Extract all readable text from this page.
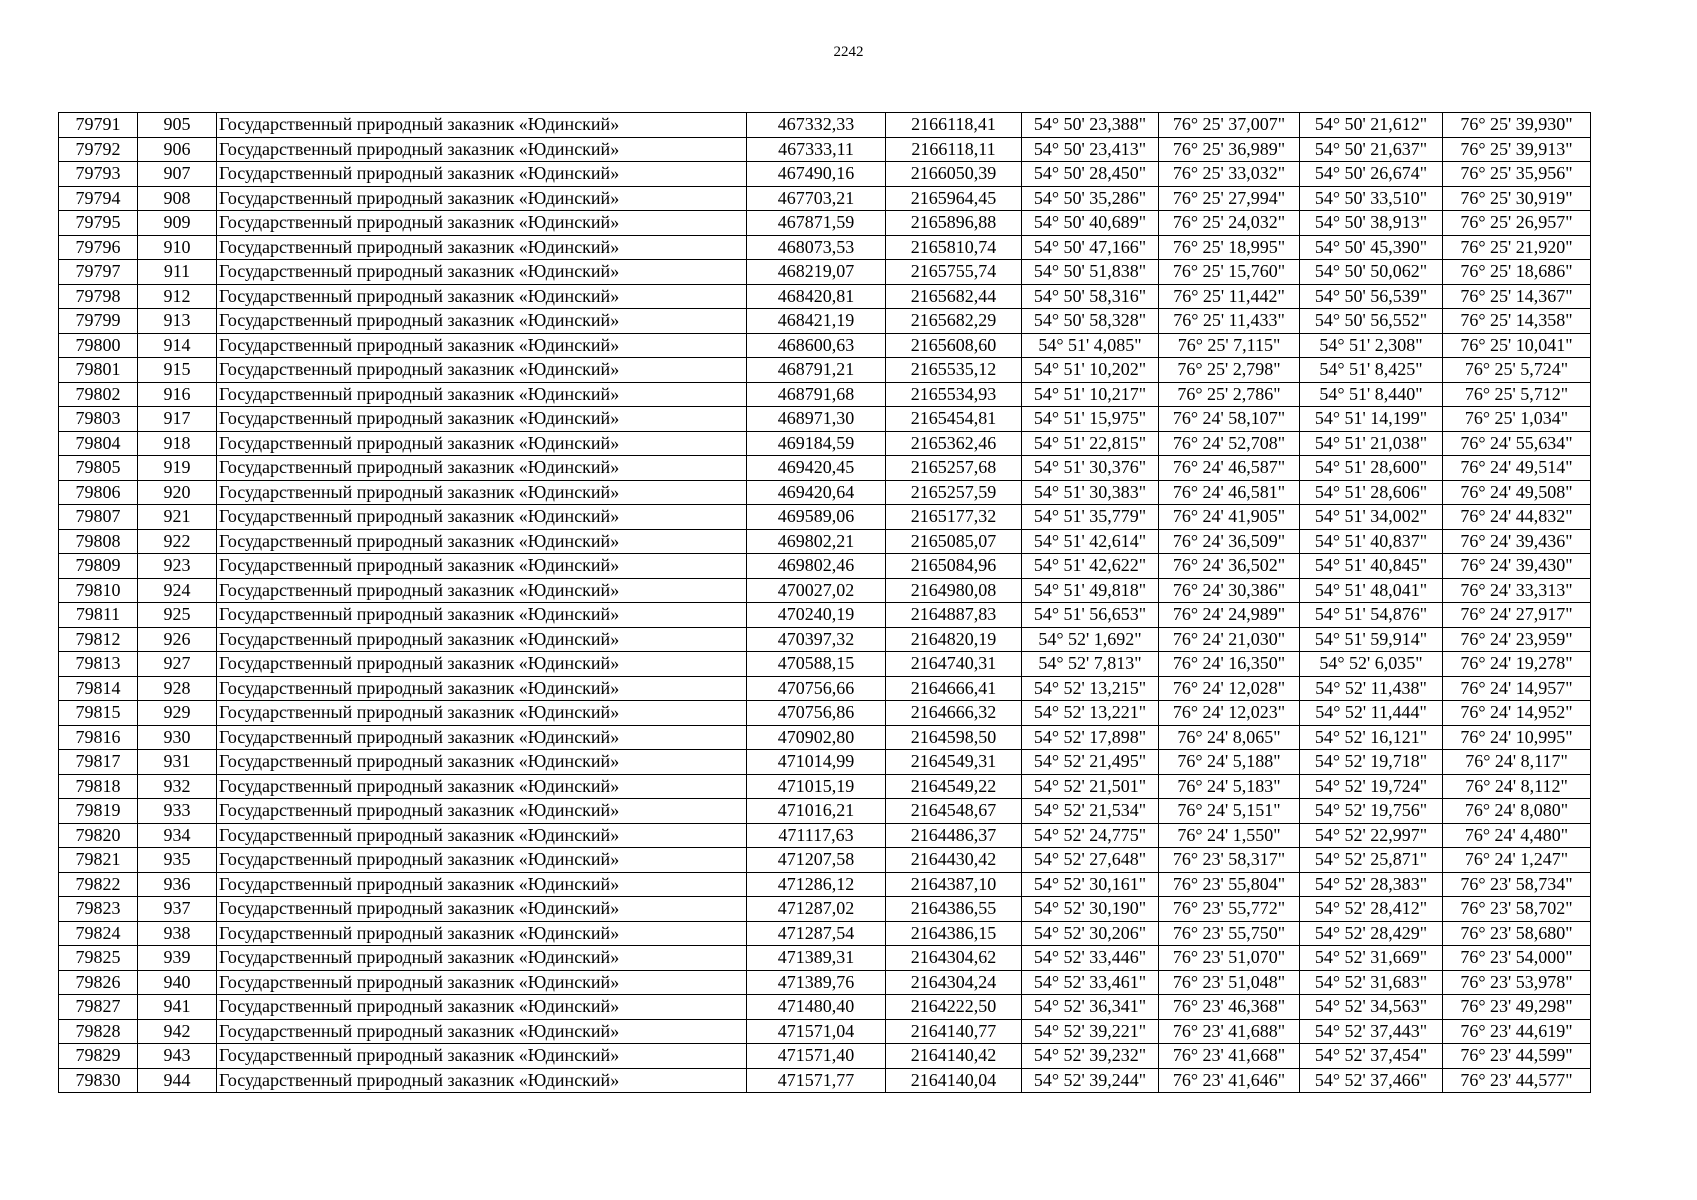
2242
79791	905	Государственный природный заказник «Юдинский»	467332,33	2166118,41	54° 50' 23,388"	76° 25' 37,007"	54° 50' 21,612"	76° 25' 39,930"
79792	906	Государственный природный заказник «Юдинский»	467333,11	2166118,11	54° 50' 23,413"	76° 25' 36,989"	54° 50' 21,637"	76° 25' 39,913"
79793	907	Государственный природный заказник «Юдинский»	467490,16	2166050,39	54° 50' 28,450"	76° 25' 33,032"	54° 50' 26,674"	76° 25' 35,956"
79794	908	Государственный природный заказник «Юдинский»	467703,21	2165964,45	54° 50' 35,286"	76° 25' 27,994"	54° 50' 33,510"	76° 25' 30,919"
79795	909	Государственный природный заказник «Юдинский»	467871,59	2165896,88	54° 50' 40,689"	76° 25' 24,032"	54° 50' 38,913"	76° 25' 26,957"
79796	910	Государственный природный заказник «Юдинский»	468073,53	2165810,74	54° 50' 47,166"	76° 25' 18,995"	54° 50' 45,390"	76° 25' 21,920"
79797	911	Государственный природный заказник «Юдинский»	468219,07	2165755,74	54° 50' 51,838"	76° 25' 15,760"	54° 50' 50,062"	76° 25' 18,686"
79798	912	Государственный природный заказник «Юдинский»	468420,81	2165682,44	54° 50' 58,316"	76° 25' 11,442"	54° 50' 56,539"	76° 25' 14,367"
79799	913	Государственный природный заказник «Юдинский»	468421,19	2165682,29	54° 50' 58,328"	76° 25' 11,433"	54° 50' 56,552"	76° 25' 14,358"
79800	914	Государственный природный заказник «Юдинский»	468600,63	2165608,60	54° 51' 4,085"	76° 25' 7,115"	54° 51' 2,308"	76° 25' 10,041"
79801	915	Государственный природный заказник «Юдинский»	468791,21	2165535,12	54° 51' 10,202"	76° 25' 2,798"	54° 51' 8,425"	76° 25' 5,724"
79802	916	Государственный природный заказник «Юдинский»	468791,68	2165534,93	54° 51' 10,217"	76° 25' 2,786"	54° 51' 8,440"	76° 25' 5,712"
79803	917	Государственный природный заказник «Юдинский»	468971,30	2165454,81	54° 51' 15,975"	76° 24' 58,107"	54° 51' 14,199"	76° 25' 1,034"
79804	918	Государственный природный заказник «Юдинский»	469184,59	2165362,46	54° 51' 22,815"	76° 24' 52,708"	54° 51' 21,038"	76° 24' 55,634"
79805	919	Государственный природный заказник «Юдинский»	469420,45	2165257,68	54° 51' 30,376"	76° 24' 46,587"	54° 51' 28,600"	76° 24' 49,514"
79806	920	Государственный природный заказник «Юдинский»	469420,64	2165257,59	54° 51' 30,383"	76° 24' 46,581"	54° 51' 28,606"	76° 24' 49,508"
79807	921	Государственный природный заказник «Юдинский»	469589,06	2165177,32	54° 51' 35,779"	76° 24' 41,905"	54° 51' 34,002"	76° 24' 44,832"
79808	922	Государственный природный заказник «Юдинский»	469802,21	2165085,07	54° 51' 42,614"	76° 24' 36,509"	54° 51' 40,837"	76° 24' 39,436"
79809	923	Государственный природный заказник «Юдинский»	469802,46	2165084,96	54° 51' 42,622"	76° 24' 36,502"	54° 51' 40,845"	76° 24' 39,430"
79810	924	Государственный природный заказник «Юдинский»	470027,02	2164980,08	54° 51' 49,818"	76° 24' 30,386"	54° 51' 48,041"	76° 24' 33,313"
79811	925	Государственный природный заказник «Юдинский»	470240,19	2164887,83	54° 51' 56,653"	76° 24' 24,989"	54° 51' 54,876"	76° 24' 27,917"
79812	926	Государственный природный заказник «Юдинский»	470397,32	2164820,19	54° 52' 1,692"	76° 24' 21,030"	54° 51' 59,914"	76° 24' 23,959"
79813	927	Государственный природный заказник «Юдинский»	470588,15	2164740,31	54° 52' 7,813"	76° 24' 16,350"	54° 52' 6,035"	76° 24' 19,278"
79814	928	Государственный природный заказник «Юдинский»	470756,66	2164666,41	54° 52' 13,215"	76° 24' 12,028"	54° 52' 11,438"	76° 24' 14,957"
79815	929	Государственный природный заказник «Юдинский»	470756,86	2164666,32	54° 52' 13,221"	76° 24' 12,023"	54° 52' 11,444"	76° 24' 14,952"
79816	930	Государственный природный заказник «Юдинский»	470902,80	2164598,50	54° 52' 17,898"	76° 24' 8,065"	54° 52' 16,121"	76° 24' 10,995"
79817	931	Государственный природный заказник «Юдинский»	471014,99	2164549,31	54° 52' 21,495"	76° 24' 5,188"	54° 52' 19,718"	76° 24' 8,117"
79818	932	Государственный природный заказник «Юдинский»	471015,19	2164549,22	54° 52' 21,501"	76° 24' 5,183"	54° 52' 19,724"	76° 24' 8,112"
79819	933	Государственный природный заказник «Юдинский»	471016,21	2164548,67	54° 52' 21,534"	76° 24' 5,151"	54° 52' 19,756"	76° 24' 8,080"
79820	934	Государственный природный заказник «Юдинский»	471117,63	2164486,37	54° 52' 24,775"	76° 24' 1,550"	54° 52' 22,997"	76° 24' 4,480"
79821	935	Государственный природный заказник «Юдинский»	471207,58	2164430,42	54° 52' 27,648"	76° 23' 58,317"	54° 52' 25,871"	76° 24' 1,247"
79822	936	Государственный природный заказник «Юдинский»	471286,12	2164387,10	54° 52' 30,161"	76° 23' 55,804"	54° 52' 28,383"	76° 23' 58,734"
79823	937	Государственный природный заказник «Юдинский»	471287,02	2164386,55	54° 52' 30,190"	76° 23' 55,772"	54° 52' 28,412"	76° 23' 58,702"
79824	938	Государственный природный заказник «Юдинский»	471287,54	2164386,15	54° 52' 30,206"	76° 23' 55,750"	54° 52' 28,429"	76° 23' 58,680"
79825	939	Государственный природный заказник «Юдинский»	471389,31	2164304,62	54° 52' 33,446"	76° 23' 51,070"	54° 52' 31,669"	76° 23' 54,000"
79826	940	Государственный природный заказник «Юдинский»	471389,76	2164304,24	54° 52' 33,461"	76° 23' 51,048"	54° 52' 31,683"	76° 23' 53,978"
79827	941	Государственный природный заказник «Юдинский»	471480,40	2164222,50	54° 52' 36,341"	76° 23' 46,368"	54° 52' 34,563"	76° 23' 49,298"
79828	942	Государственный природный заказник «Юдинский»	471571,04	2164140,77	54° 52' 39,221"	76° 23' 41,688"	54° 52' 37,443"	76° 23' 44,619"
79829	943	Государственный природный заказник «Юдинский»	471571,40	2164140,42	54° 52' 39,232"	76° 23' 41,668"	54° 52' 37,454"	76° 23' 44,599"
79830	944	Государственный природный заказник «Юдинский»	471571,77	2164140,04	54° 52' 39,244"	76° 23' 41,646"	54° 52' 37,466"	76° 23' 44,577"
